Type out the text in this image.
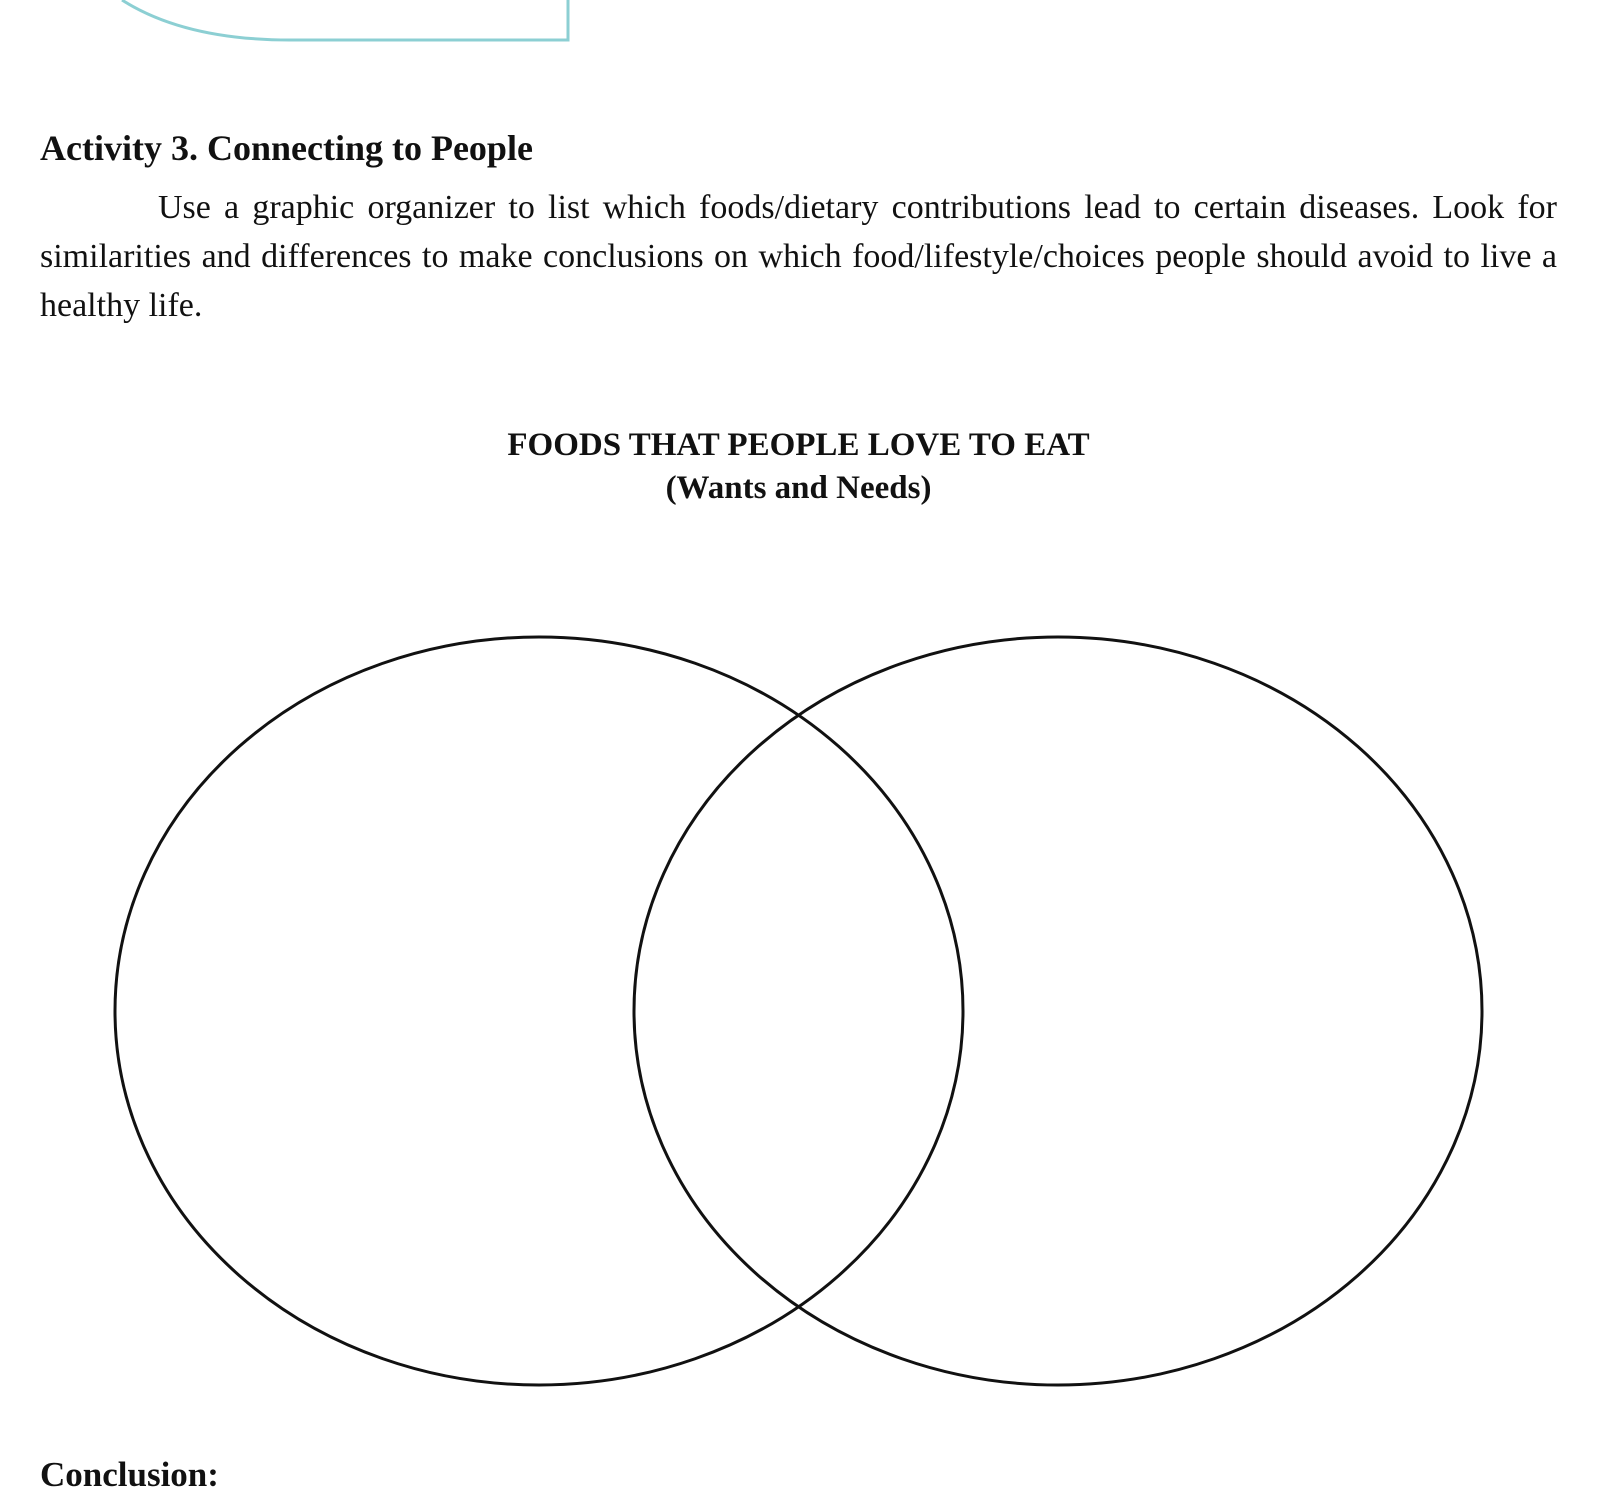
Activity 3. Connecting to People

Use a graphic organizer to list which foods/dietary contributions lead to certain diseases. Look for similarities and differences to make conclusions on which food/lifestyle/choices people should avoid to live a healthy life.

FOODS THAT PEOPLE LOVE TO EAT
(Wants and Needs)

Conclusion:
